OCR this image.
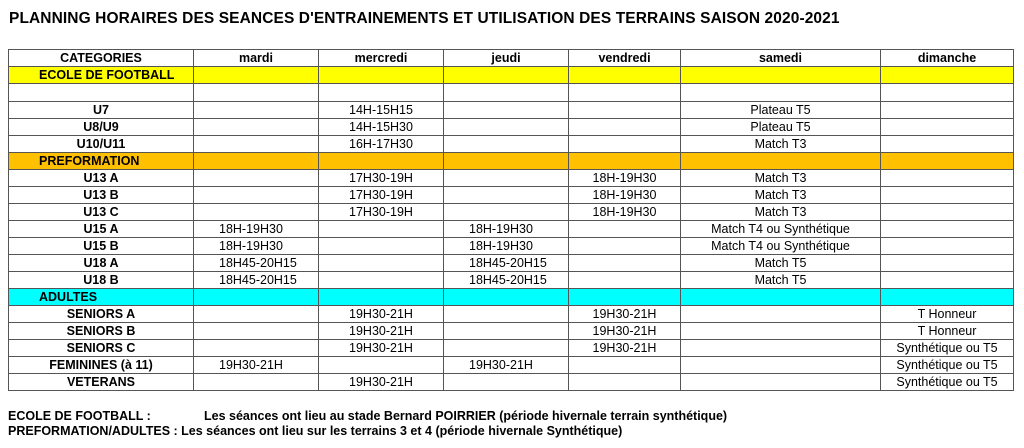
PLANNING HORAIRES DES SEANCES D'ENTRAINEMENTS ET UTILISATION DES TERRAINS SAISON 2020-2021
CATEGORIES	mardi	mercredi	jeudi	vendredi	samedi	dimanche
ECOLE DE FOOTBALL						

U7		14H-15H15			Plateau T5	
U8/U9		14H-15H30			Plateau T5	
U10/U11		16H-17H30			Match T3	
PREFORMATION						
U13 A		17H30-19H		18H-19H30	Match T3	
U13 B		17H30-19H		18H-19H30	Match T3	
U13 C		17H30-19H		18H-19H30	Match T3	
U15 A	18H-19H30		18H-19H30		Match T4 ou Synthétique	
U15 B	18H-19H30		18H-19H30		Match T4 ou Synthétique	
U18 A	18H45-20H15		18H45-20H15		Match T5	
U18 B	18H45-20H15		18H45-20H15		Match T5	
ADULTES						
SENIORS A		19H30-21H		19H30-21H		T Honneur
SENIORS B		19H30-21H		19H30-21H		T Honneur
SENIORS C		19H30-21H		19H30-21H		Synthétique ou T5
FEMININES (à 11)	19H30-21H		19H30-21H			Synthétique ou T5
VETERANS		19H30-21H				Synthétique ou T5
ECOLE DE FOOTBALL :	Les séances ont lieu au stade Bernard POIRRIER (période hivernale terrain synthétique)
PREFORMATION/ADULTES : Les séances ont lieu sur les terrains 3 et 4 (période hivernale Synthétique)
